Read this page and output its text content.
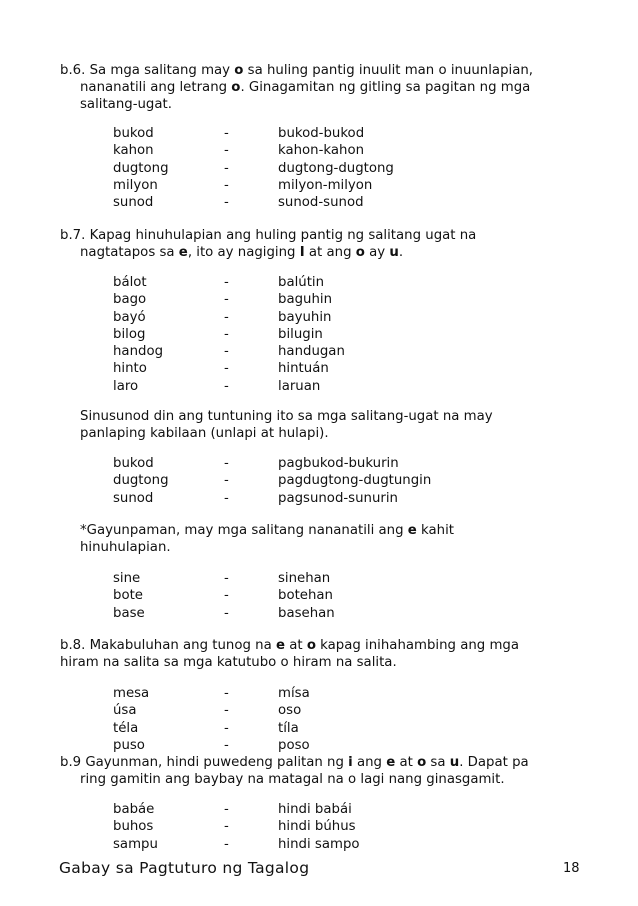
b.6. Sa mga salitang may o sa huling pantig inuulit man o inuunlapian,
nananatili ang letrang o. Ginagamitan ng gitling sa pagitan ng mga
salitang-ugat.
bukod	-	bukod-bukod
kahon	-	kahon-kahon
dugtong	-	dugtong-dugtong
milyon	-	milyon-milyon
sunod	-	sunod-sunod
b.7. Kapag hinuhulapian ang huling pantig ng salitang ugat na
nagtatapos sa e, ito ay nagiging I at ang o ay u.
bálot	-	balútin
bago	-	baguhin
bayó	-	bayuhin
bilog	-	bilugin
handog	-	handugan
hinto	-	hintuán
laro	-	laruan
Sinusunod din ang tuntuning ito sa mga salitang-ugat na may
panlaping kabilaan (unlapi at hulapi).
bukod	-	pagbukod-bukurin
dugtong	-	pagdugtong-dugtungin
sunod	-	pagsunod-sunurin
*Gayunpaman, may mga salitang nananatili ang e kahit
hinuhulapian.
sine	-	sinehan
bote	-	botehan
base	-	basehan
b.8. Makabuluhan ang tunog na e at o kapag inihahambing ang mga
hiram na salita sa mga katutubo o hiram na salita.
mesa	-	mísa
úsa	-	oso
téla	-	tíla
puso	-	poso
b.9 Gayunman, hindi puwedeng palitan ng i ang e at o sa u. Dapat pa
ring gamitin ang baybay na matagal na o lagi nang ginasgamit.
babáe	-	hindi babái
buhos	-	hindi búhus
sampu	-	hindi sampo
Gabay sa Pagtuturo ng Tagalog	18
